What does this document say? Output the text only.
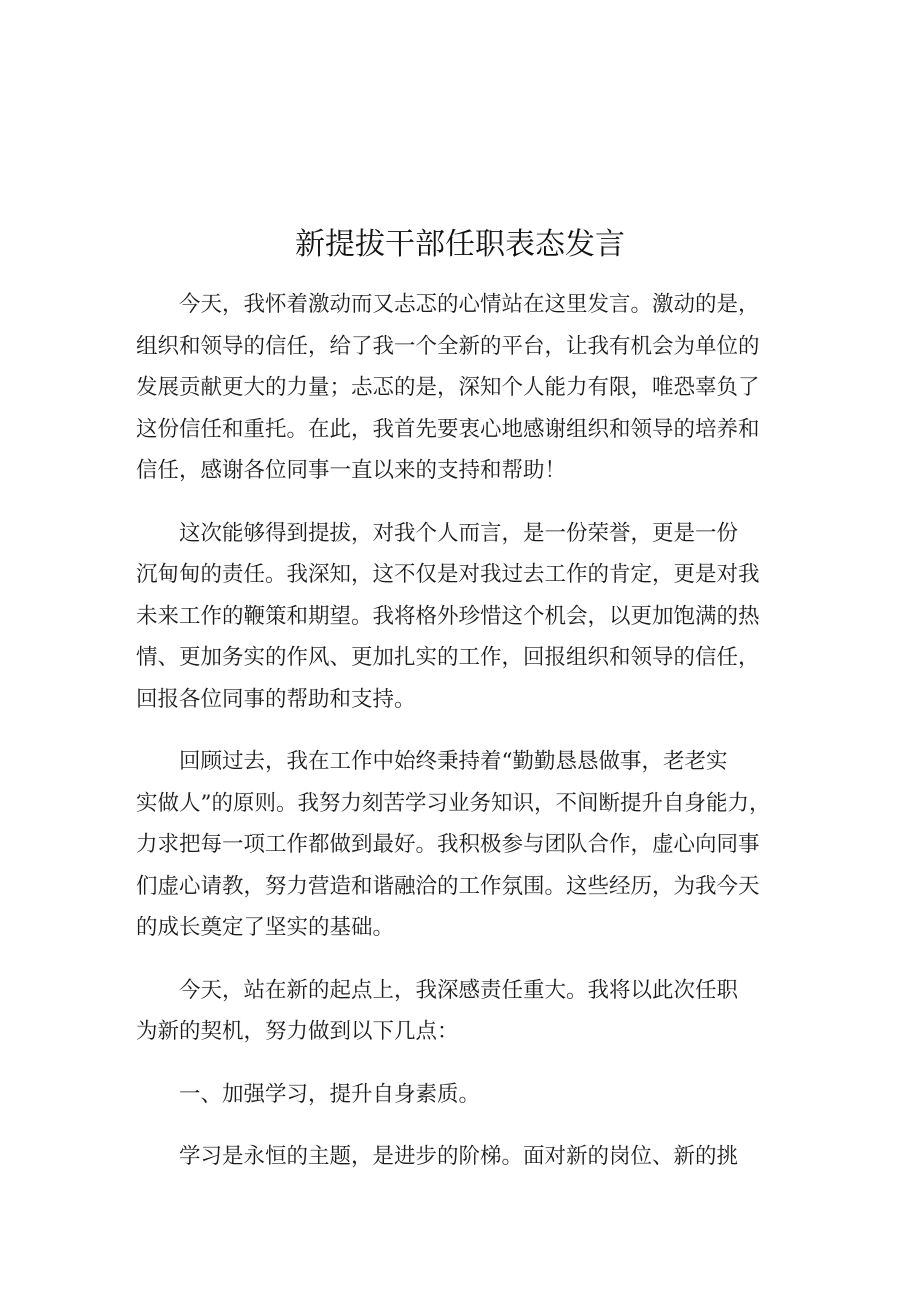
新提拔干部任职表态发言

今天，我怀着激动而又忐忑的心情站在这里发言。激动的是，
组织和领导的信任，给了我一个全新的平台，让我有机会为单位的
发展贡献更大的力量；忐忑的是，深知个人能力有限，唯恐辜负了
这份信任和重托。在此，我首先要衷心地感谢组织和领导的培养和
信任，感谢各位同事一直以来的支持和帮助！

这次能够得到提拔，对我个人而言，是一份荣誉，更是一份
沉甸甸的责任。我深知，这不仅是对我过去工作的肯定，更是对我
未来工作的鞭策和期望。我将格外珍惜这个机会，以更加饱满的热
情、更加务实的作风、更加扎实的工作，回报组织和领导的信任，
回报各位同事的帮助和支持。

回顾过去，我在工作中始终秉持着“勤勤恳恳做事，老老实
实做人”的原则。我努力刻苦学习业务知识，不间断提升自身能力，
力求把每一项工作都做到最好。我积极参与团队合作，虚心向同事
们虚心请教，努力营造和谐融洽的工作氛围。这些经历，为我今天
的成长奠定了坚实的基础。

今天，站在新的起点上，我深感责任重大。我将以此次任职
为新的契机，努力做到以下几点：

一、加强学习，提升自身素质。

学习是永恒的主题，是进步的阶梯。面对新的岗位、新的挑
